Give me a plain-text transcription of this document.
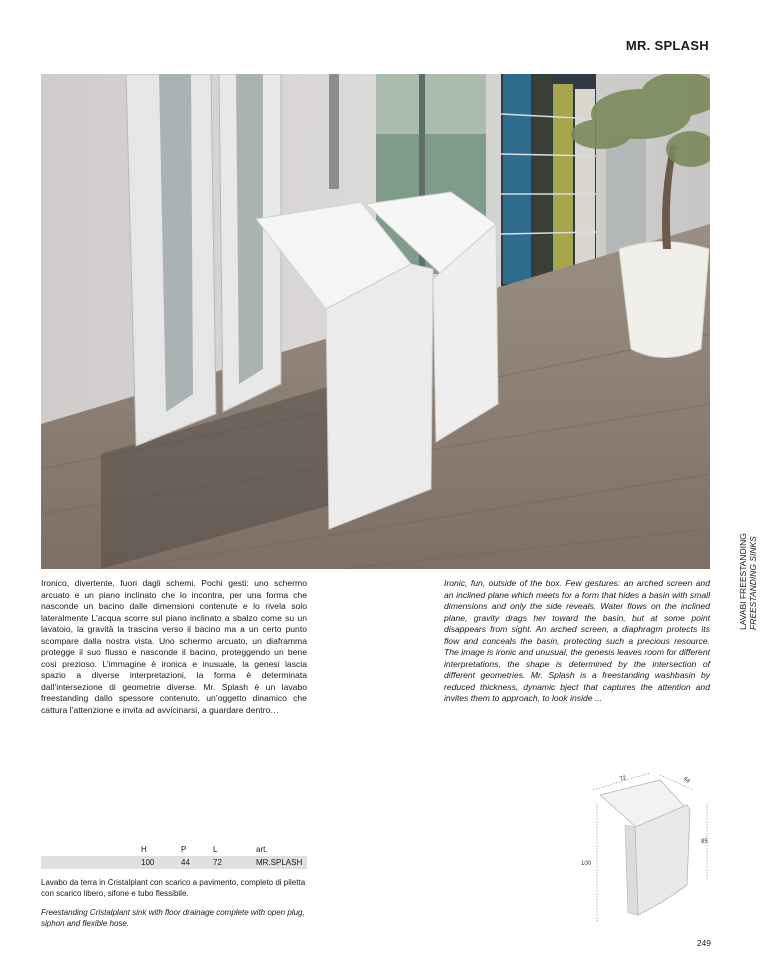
MR. SPLASH
LAVABI FREESTANDING FREESTANDING SINKS

Ironico, divertente, fuori dagli schemi. Pochi gesti: uno schermo arcuato e un piano inclinato che lo incontra, per una forma che nasconde un bacino dalle dimensioni contenute e lo rivela solo lateralmente L’acqua scorre sul piano inclinato a sbalzo come su un lavatoio, la gravità la trascina verso il bacino ma a un certo punto scompare dalla nostra vista. Uno schermo arcuato, un diaframma protegge il suo flusso e nasconde il bacino, proteggendo un bene così prezioso. L’immagine è ironica e inusuale, la genesi lascia spazio a diverse interpretazioni, la forma è determinata dall’intersezione di geometrie diverse. Mr. Splash è un lavabo freestanding dallo spessore contenuto, un’oggetto dinamico che cattura l’attenzione e invita ad avvicinarsi, a guardare dentro…

Ironic, fun, outside of the box. Few gestures: an arched screen and an inclined plane which meets for a form that hides a basin with small dimensions and only the side reveals. Water flows on the inclined plane, gravity drags her toward the basin, but at some point disappears from sight. An arched screen, a diaphragm protects its flow and conceals the basin, protecting such a precious resource. The image is ironic and unusual, the genesis leaves room for different interpretations, the shape is determined by the intersection of different geometries. Mr. Splash is a freestanding washbasin by reduced thickness, dynamic bject that captures the attention and invites them to approach, to look inside ...

H	P	L	art.
100	44	72	MR.SPLASH

Lavabo da terra in Cristalplant con scarico a pavimento, completo di piletta con scarico libero, sifone e tubo flessibile.

Freestanding Cristalplant sink with floor drainage complete with open plug, siphon and flexible hose.

72	44
85
100
249
